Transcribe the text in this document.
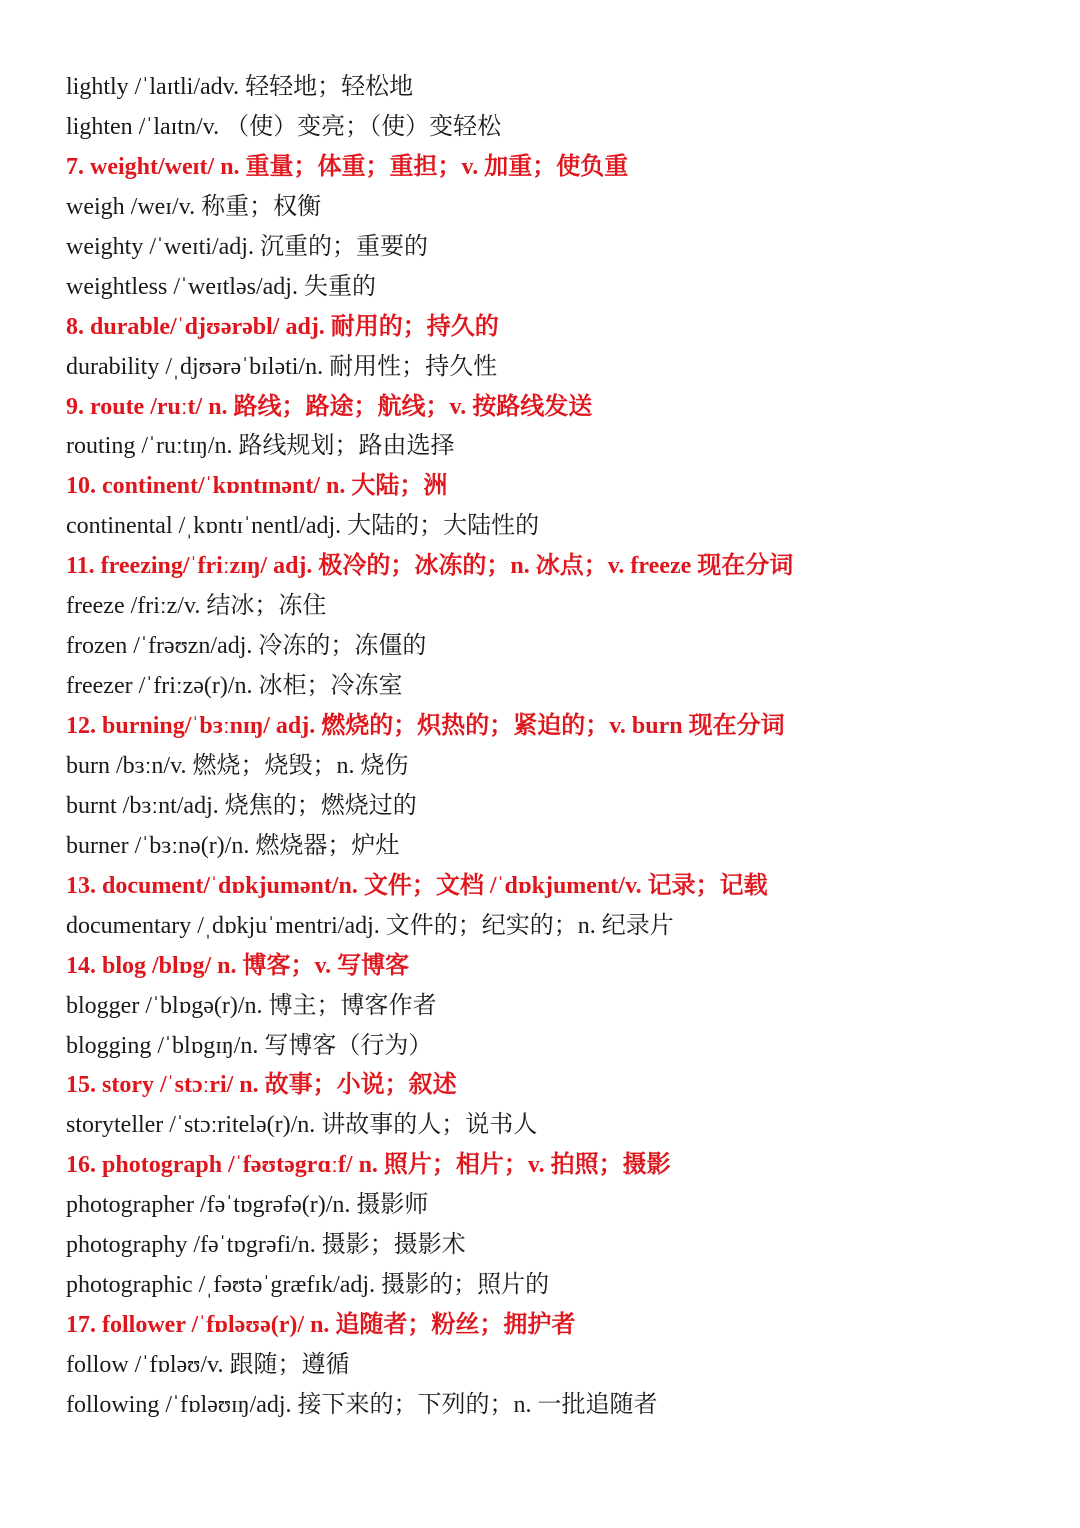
lightly /ˈlaɪtli/adv. 轻轻地；轻松地
lighten /ˈlaɪtn/v. （使）变亮；（使）变轻松
7. weight/weɪt/ n. 重量；体重；重担；v. 加重；使负重
weigh /weɪ/v. 称重；权衡
weighty /ˈweɪti/adj. 沉重的；重要的
weightless /ˈweɪtləs/adj. 失重的
8. durable/ˈdjʊərəbl/ adj. 耐用的；持久的
durability /ˌdjʊərəˈbɪləti/n. 耐用性；持久性
9. route /ruːt/ n. 路线；路途；航线；v. 按路线发送
routing /ˈruːtɪŋ/n. 路线规划；路由选择
10. continent/ˈkɒntɪnənt/ n. 大陆；洲
continental /ˌkɒntɪˈnentl/adj. 大陆的；大陆性的
11. freezing/ˈfriːzɪŋ/ adj. 极冷的；冰冻的；n. 冰点；v. freeze 现在分词
freeze /friːz/v. 结冰；冻住
frozen /ˈfrəʊzn/adj. 冷冻的；冻僵的
freezer /ˈfriːzə(r)/n. 冰柜；冷冻室
12. burning/ˈbɜːnɪŋ/ adj. 燃烧的；炽热的；紧迫的；v. burn 现在分词
burn /bɜːn/v. 燃烧；烧毁；n. 烧伤
burnt /bɜːnt/adj. 烧焦的；燃烧过的
burner /ˈbɜːnə(r)/n. 燃烧器；炉灶
13. document/ˈdɒkjumənt/n. 文件；文档 /ˈdɒkjument/v. 记录；记载
documentary /ˌdɒkjuˈmentri/adj. 文件的；纪实的；n. 纪录片
14. blog /blɒg/ n. 博客；v. 写博客
blogger /ˈblɒgə(r)/n. 博主；博客作者
blogging /ˈblɒgɪŋ/n. 写博客（行为）
15. story /ˈstɔːri/ n. 故事；小说；叙述
storyteller /ˈstɔːritelə(r)/n. 讲故事的人；说书人
16. photograph /ˈfəʊtəgrɑːf/ n. 照片；相片；v. 拍照；摄影
photographer /fəˈtɒgrəfə(r)/n. 摄影师
photography /fəˈtɒgrəfi/n. 摄影；摄影术
photographic /ˌfəʊtəˈgræfɪk/adj. 摄影的；照片的
17. follower /ˈfɒləʊə(r)/ n. 追随者；粉丝；拥护者
follow /ˈfɒləʊ/v. 跟随；遵循
following /ˈfɒləʊɪŋ/adj. 接下来的；下列的；n. 一批追随者
